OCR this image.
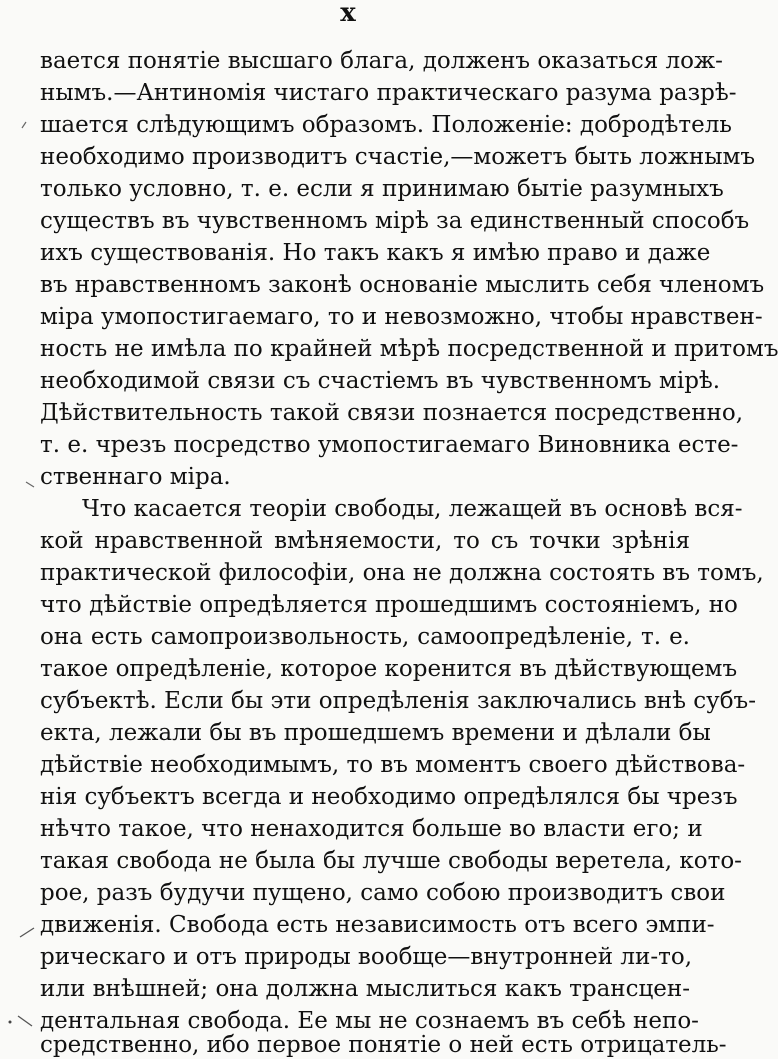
x
вается понятіе высшаго блага, долженъ оказаться лож-
нымъ.—Антиномія чистаго практическаго разума разрѣ-
шается слѣдующимъ образомъ. Положеніе: добродѣтель
необходимо производитъ счастіе,—можетъ быть ложнымъ
только условно, т. е. если я принимаю бытіе разумныхъ
существъ въ чувственномъ мірѣ за единственный способъ
ихъ существованія. Но такъ какъ я имѣю право и даже
въ нравственномъ законѣ основаніе мыслить себя членомъ
міра умопостигаемаго, то и невозможно, чтобы нравствен-
ность не имѣла по крайней мѣрѣ посредственной и притомъ
необходимой связи съ счастіемъ въ чувственномъ мірѣ.
Дѣйствительность такой связи познается посредственно,
т. е. чрезъ посредство умопостигаемаго Виновника есте-
ственнаго міра.
Что касается теоріи свободы, лежащей въ основѣ вся-
кой нравственной вмѣняемости, то съ точки зрѣнія
практической философіи, она не должна состоять въ томъ,
что дѣйствіе опредѣляется прошедшимъ состояніемъ, но
она есть самопроизвольность, самоопредѣленіе, т. е.
такое опредѣленіе, которое коренится въ дѣйствующемъ
субъектѣ. Если бы эти опредѣленія заключались внѣ субъ-
екта, лежали бы въ прошедшемъ времени и дѣлали бы
дѣйствіе необходимымъ, то въ моментъ своего дѣйствова-
нія субъектъ всегда и необходимо опредѣлялся бы чрезъ
нѣчто такое, что ненаходится больше во власти его; и
такая свобода не была бы лучше свободы веретела, кото-
рое, разъ будучи пущено, само собою производитъ свои
движенія. Свобода есть независимость отъ всего эмпи-
рическаго и отъ природы вообще—внутронней ли-то,
или внѣшней; она должна мыслиться какъ трансцен-
дентальная свобода. Ее мы не сознаемъ въ себѣ непо-
средственно, ибо первое понятіе о ней есть отрицатель-
